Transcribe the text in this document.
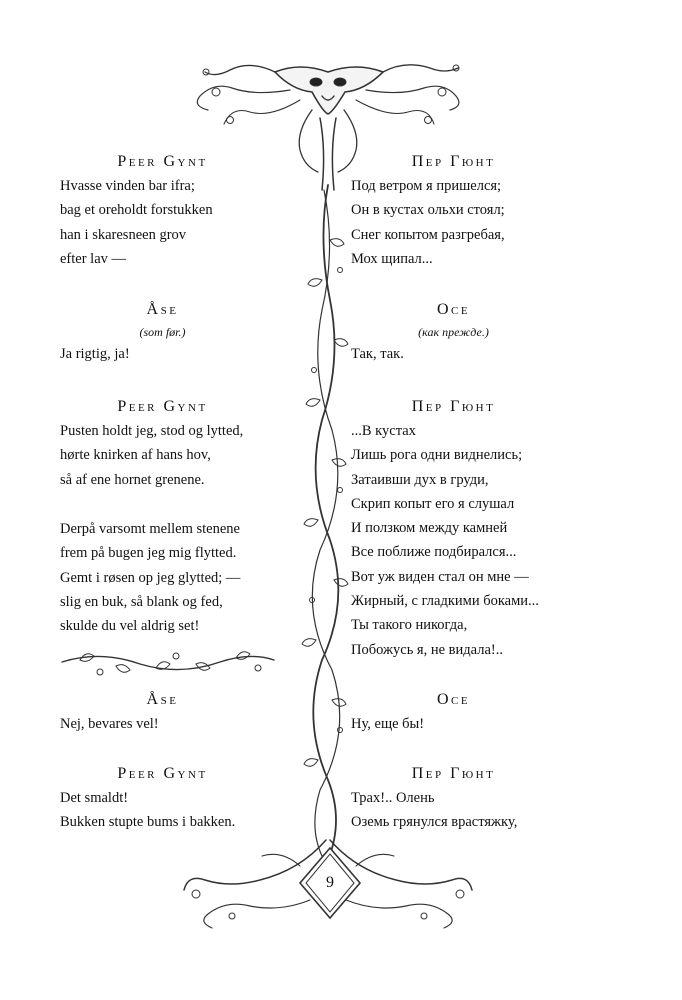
9
Peer Gynt
Hvasse vinden bar ifra;
bag et oreholdt forstukken
han i skaresneen grov
efter lav —
Åse
(som før.)
Ja rigtig, ja!
Peer Gynt
Pusten holdt jeg, stod og lytted,
hørte knirken af hans hov,
så af ene hornet grenene.
Derpå varsomt mellem stenene
frem på bugen jeg mig flytted.
Gemt i røsen op jeg glytted; —
slig en buk, så blank og fed,
skulde du vel aldrig set!
Åse
Nej, bevares vel!
Peer Gynt
Det smaldt!
Bukken stupte bums i bakken.
Пер Гюнт
Под ветром я пришелся;
Он в кустах ольхи стоял;
Снег копытом разгребая,
Мох щипал...
Осе
(как прежде.)
Так, так.
Пер Гюнт
...В кустах
Лишь рога одни виднелись;
Затаивши дух в груди,
Скрип копыт его я слушал
И ползком между камней
Все поближе подбирался...
Вот уж виден стал он мне —
Жирный, с гладкими боками...
Ты такого никогда,
Побожусь я, не видала!..
Осе
Ну, еще бы!
Пер Гюнт
Трах!.. Олень
Оземь грянулся врастяжку,
